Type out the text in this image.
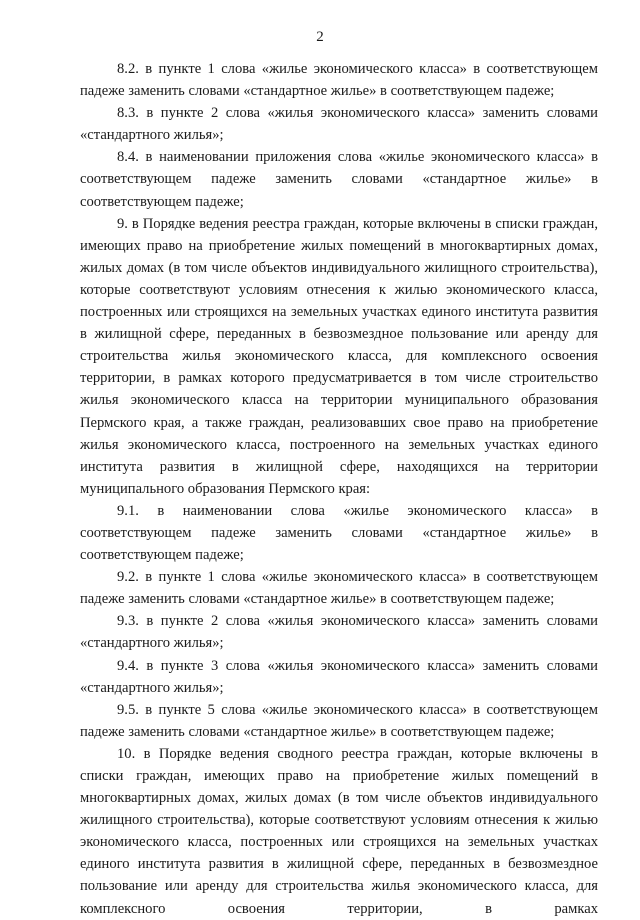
2

8.2. в пункте 1 слова «жилье экономического класса» в соответствующем падеже заменить словами «стандартное жилье» в соответствующем падеже;

8.3. в пункте 2 слова «жилья экономического класса» заменить словами «стандартного жилья»;

8.4. в наименовании приложения слова «жилье экономического класса» в соответствующем падеже заменить словами «стандартное жилье» в соответствующем падеже;

9. в Порядке ведения реестра граждан, которые включены в списки граждан, имеющих право на приобретение жилых помещений в многоквартирных домах, жилых домах (в том числе объектов индивидуального жилищного строительства), которые соответствуют условиям отнесения к жилью экономического класса, построенных или строящихся на земельных участках единого института развития в жилищной сфере, переданных в безвозмездное пользование или аренду для строительства жилья экономического класса, для комплексного освоения территории, в рамках которого предусматривается в том числе строительство жилья экономического класса на территории муниципального образования Пермского края, а также граждан, реализовавших свое право на приобретение жилья экономического класса, построенного на земельных участках единого института развития в жилищной сфере, находящихся на территории муниципального образования Пермского края:

9.1. в наименовании слова «жилье экономического класса» в соответствующем падеже заменить словами «стандартное жилье» в соответствующем падеже;

9.2. в пункте 1 слова «жилье экономического класса» в соответствующем падеже заменить словами «стандартное жилье» в соответствующем падеже;

9.3. в пункте 2 слова «жилья экономического класса» заменить словами «стандартного жилья»;

9.4. в пункте 3 слова «жилья экономического класса» заменить словами «стандартного жилья»;

9.5. в пункте 5 слова «жилье экономического класса» в соответствующем падеже заменить словами «стандартное жилье» в соответствующем падеже;

10. в Порядке ведения сводного реестра граждан, которые включены в списки граждан, имеющих право на приобретение жилых помещений в многоквартирных домах, жилых домах (в том числе объектов индивидуального жилищного строительства), которые соответствуют условиям отнесения к жилью экономического класса, построенных или строящихся на земельных участках единого института развития в жилищной сфере, переданных в безвозмездное пользование или аренду для строительства жилья экономического класса, для комплексного освоения территории, в рамках
